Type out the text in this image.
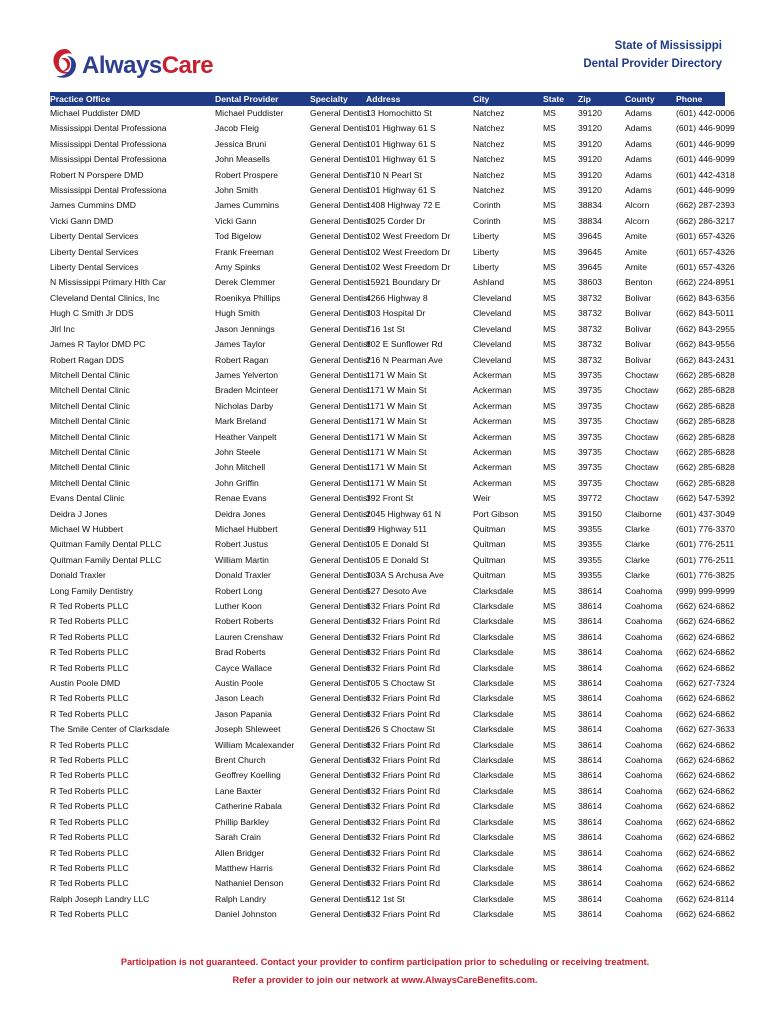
AlwaysCare
State of Mississippi
Dental Provider Directory
Practice Office	Dental Provider	Specialty	Address	City	State	Zip	County	Phone
Michael Puddister DMD	Michael Puddister	General Dentist	13 Homochitto St	Natchez	MS	39120	Adams	(601) 442-0006
Mississippi Dental Professiona	Jacob Fleig	General Dentist	101 Highway 61 S	Natchez	MS	39120	Adams	(601) 446-9099
Mississippi Dental Professiona	Jessica Bruni	General Dentist	101 Highway 61 S	Natchez	MS	39120	Adams	(601) 446-9099
Mississippi Dental Professiona	John Measells	General Dentist	101 Highway 61 S	Natchez	MS	39120	Adams	(601) 446-9099
Robert N Porspere DMD	Robert Prospere	General Dentist	710 N Pearl St	Natchez	MS	39120	Adams	(601) 442-4318
Mississippi Dental Professiona	John Smith	General Dentist	101 Highway 61 S	Natchez	MS	39120	Adams	(601) 446-9099
James Cummins DMD	James Cummins	General Dentist	1408 Highway 72 E	Corinth	MS	38834	Alcorn	(662) 287-2393
Vicki Gann DMD	Vicki Gann	General Dentist	3025 Corder Dr	Corinth	MS	38834	Alcorn	(662) 286-3217
Liberty Dental Services	Tod Bigelow	General Dentist	102 West Freedom Dr	Liberty	MS	39645	Amite	(601) 657-4326
Liberty Dental Services	Frank Freeman	General Dentist	102 West Freedom Dr	Liberty	MS	39645	Amite	(601) 657-4326
Liberty Dental Services	Amy Spinks	General Dentist	102 West Freedom Dr	Liberty	MS	39645	Amite	(601) 657-4326
N Mississippi Primary Hlth Car	Derek Clemmer	General Dentist	15921 Boundary Dr	Ashland	MS	38603	Benton	(662) 224-8951
Cleveland Dental Clinics, Inc	Roenikya Phillips	General Dentist	4266 Highway 8	Cleveland	MS	38732	Bolivar	(662) 843-6356
Hugh C Smith Jr DDS	Hugh Smith	General Dentist	303 Hospital Dr	Cleveland	MS	38732	Bolivar	(662) 843-5011
Jlrl Inc	Jason Jennings	General Dentist	716 1st St	Cleveland	MS	38732	Bolivar	(662) 843-2955
James R Taylor DMD PC	James Taylor	General Dentist	802 E Sunflower Rd	Cleveland	MS	38732	Bolivar	(662) 843-9556
Robert Ragan DDS	Robert Ragan	General Dentist	216 N Pearman Ave	Cleveland	MS	38732	Bolivar	(662) 843-2431
Mitchell Dental Clinic	James Yelverton	General Dentist	1171 W Main St	Ackerman	MS	39735	Choctaw	(662) 285-6828
Mitchell Dental Clinic	Braden Mcinteer	General Dentist	1171 W Main St	Ackerman	MS	39735	Choctaw	(662) 285-6828
Mitchell Dental Clinic	Nicholas Darby	General Dentist	1171 W Main St	Ackerman	MS	39735	Choctaw	(662) 285-6828
Mitchell Dental Clinic	Mark Breland	General Dentist	1171 W Main St	Ackerman	MS	39735	Choctaw	(662) 285-6828
Mitchell Dental Clinic	Heather Vanpelt	General Dentist	1171 W Main St	Ackerman	MS	39735	Choctaw	(662) 285-6828
Mitchell Dental Clinic	John Steele	General Dentist	1171 W Main St	Ackerman	MS	39735	Choctaw	(662) 285-6828
Mitchell Dental Clinic	John Mitchell	General Dentist	1171 W Main St	Ackerman	MS	39735	Choctaw	(662) 285-6828
Mitchell Dental Clinic	John Griffin	General Dentist	1171 W Main St	Ackerman	MS	39735	Choctaw	(662) 285-6828
Evans Dental Clinic	Renae Evans	General Dentist	392 Front St	Weir	MS	39772	Choctaw	(662) 547-5392
Deidra J Jones	Deidra Jones	General Dentist	2045 Highway 61 N	Port Gibson	MS	39150	Claiborne	(601) 437-3049
Michael W Hubbert	Michael Hubbert	General Dentist	99 Highway 511	Quitman	MS	39355	Clarke	(601) 776-3370
Quitman Family Dental PLLC	Robert Justus	General Dentist	105 E Donald St	Quitman	MS	39355	Clarke	(601) 776-2511
Quitman Family Dental PLLC	William Martin	General Dentist	105 E Donald St	Quitman	MS	39355	Clarke	(601) 776-2511
Donald Traxler	Donald Traxler	General Dentist	303A S Archusa Ave	Quitman	MS	39355	Clarke	(601) 776-3825
Long Family Dentistry	Robert Long	General Dentist	527 Desoto Ave	Clarksdale	MS	38614	Coahoma	(999) 999-9999
R Ted Roberts PLLC	Luther Koon	General Dentist	632 Friars Point Rd	Clarksdale	MS	38614	Coahoma	(662) 624-6862
R Ted Roberts PLLC	Robert Roberts	General Dentist	632 Friars Point Rd	Clarksdale	MS	38614	Coahoma	(662) 624-6862
R Ted Roberts PLLC	Lauren Crenshaw	General Dentist	632 Friars Point Rd	Clarksdale	MS	38614	Coahoma	(662) 624-6862
R Ted Roberts PLLC	Brad Roberts	General Dentist	632 Friars Point Rd	Clarksdale	MS	38614	Coahoma	(662) 624-6862
R Ted Roberts PLLC	Cayce Wallace	General Dentist	632 Friars Point Rd	Clarksdale	MS	38614	Coahoma	(662) 624-6862
Austin Poole DMD	Austin Poole	General Dentist	705 S Choctaw St	Clarksdale	MS	38614	Coahoma	(662) 627-7324
R Ted Roberts PLLC	Jason Leach	General Dentist	632 Friars Point Rd	Clarksdale	MS	38614	Coahoma	(662) 624-6862
R Ted Roberts PLLC	Jason Papania	General Dentist	632 Friars Point Rd	Clarksdale	MS	38614	Coahoma	(662) 624-6862
The Smile Center of Clarksdale	Joseph Shleweet	General Dentist	526 S Choctaw St	Clarksdale	MS	38614	Coahoma	(662) 627-3633
R Ted Roberts PLLC	William Mcalexander	General Dentist	632 Friars Point Rd	Clarksdale	MS	38614	Coahoma	(662) 624-6862
R Ted Roberts PLLC	Brent Church	General Dentist	632 Friars Point Rd	Clarksdale	MS	38614	Coahoma	(662) 624-6862
R Ted Roberts PLLC	Geoffrey Koelling	General Dentist	632 Friars Point Rd	Clarksdale	MS	38614	Coahoma	(662) 624-6862
R Ted Roberts PLLC	Lane Baxter	General Dentist	632 Friars Point Rd	Clarksdale	MS	38614	Coahoma	(662) 624-6862
R Ted Roberts PLLC	Catherine Rabala	General Dentist	632 Friars Point Rd	Clarksdale	MS	38614	Coahoma	(662) 624-6862
R Ted Roberts PLLC	Phillip Barkley	General Dentist	632 Friars Point Rd	Clarksdale	MS	38614	Coahoma	(662) 624-6862
R Ted Roberts PLLC	Sarah Crain	General Dentist	632 Friars Point Rd	Clarksdale	MS	38614	Coahoma	(662) 624-6862
R Ted Roberts PLLC	Allen Bridger	General Dentist	632 Friars Point Rd	Clarksdale	MS	38614	Coahoma	(662) 624-6862
R Ted Roberts PLLC	Matthew Harris	General Dentist	632 Friars Point Rd	Clarksdale	MS	38614	Coahoma	(662) 624-6862
R Ted Roberts PLLC	Nathaniel Denson	General Dentist	632 Friars Point Rd	Clarksdale	MS	38614	Coahoma	(662) 624-6862
Ralph Joseph Landry LLC	Ralph Landry	General Dentist	512 1st St	Clarksdale	MS	38614	Coahoma	(662) 624-8114
R Ted Roberts PLLC	Daniel Johnston	General Dentist	632 Friars Point Rd	Clarksdale	MS	38614	Coahoma	(662) 624-6862
Participation is not guaranteed. Contact your provider to confirm participation prior to scheduling or receiving treatment.
Refer a provider to join our network at www.AlwaysCareBenefits.com.
